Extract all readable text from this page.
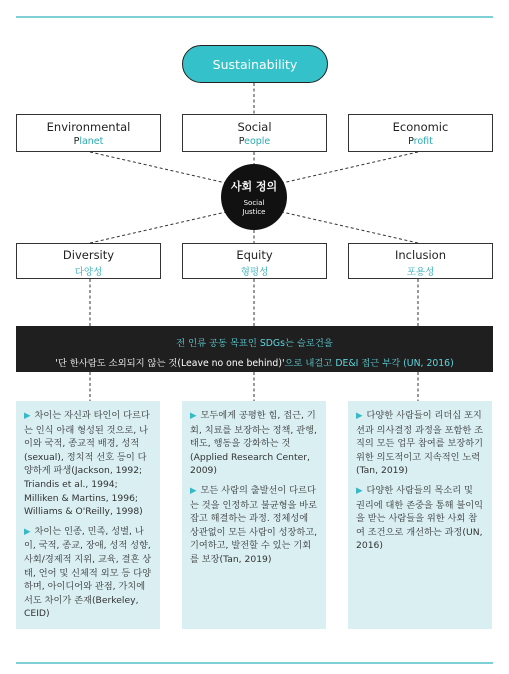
Sustainability
Environmental
Planet
Social
People
Economic
Profit
사회 정의
Social
Justice
Diversity
다양성
Equity
형평성
Inclusion
포용성
전 인류 공동 목표인 SDGs는 슬로건을
'단 한사람도 소외되지 않는 것(Leave no one behind)'으로 내걸고 DE&I 접근 부각 (UN, 2016)
▶ 차이는 자신과 타인이 다르다는 인식 아래 형성된 것으로, 나이와 국적, 종교적 배경, 성적(sexual), 정치적 선호 등이 다양하게 파생(Jackson, 1992; Triandis et al., 1994; Milliken & Martins, 1996; Williams & O'Reilly, 1998)
▶ 차이는 인종, 민족, 성별, 나이, 국적, 종교, 장애, 성적 성향, 사회/경제적 지위, 교육, 결혼 상태, 언어 및 신체적 외모 등 다양하며, 아이디어와 관점, 가치에서도 차이가 존재(Berkeley, CEID)
▶ 모두에게 공평한 힘, 접근, 기회, 치료를 보장하는 정책, 관행, 태도, 행동을 강화하는 것(Applied Research Center, 2009)
▶ 모든 사람의 출발선이 다르다는 것을 인정하고 불균형을 바로잡고 해결하는 과정. 정체성에 상관없이 모든 사람이 성장하고, 기여하고, 발전할 수 있는 기회를 보장(Tan, 2019)
▶ 다양한 사람들이 리더십 포지션과 의사결정 과정을 포함한 조직의 모든 업무 참여를 보장하기 위한 의도적이고 지속적인 노력(Tan, 2019)
▶ 다양한 사람들의 목소리 및 권리에 대한 존중을 통해 불이익을 받는 사람들을 위한 사회 참여 조건으로 개선하는 과정(UN, 2016)
